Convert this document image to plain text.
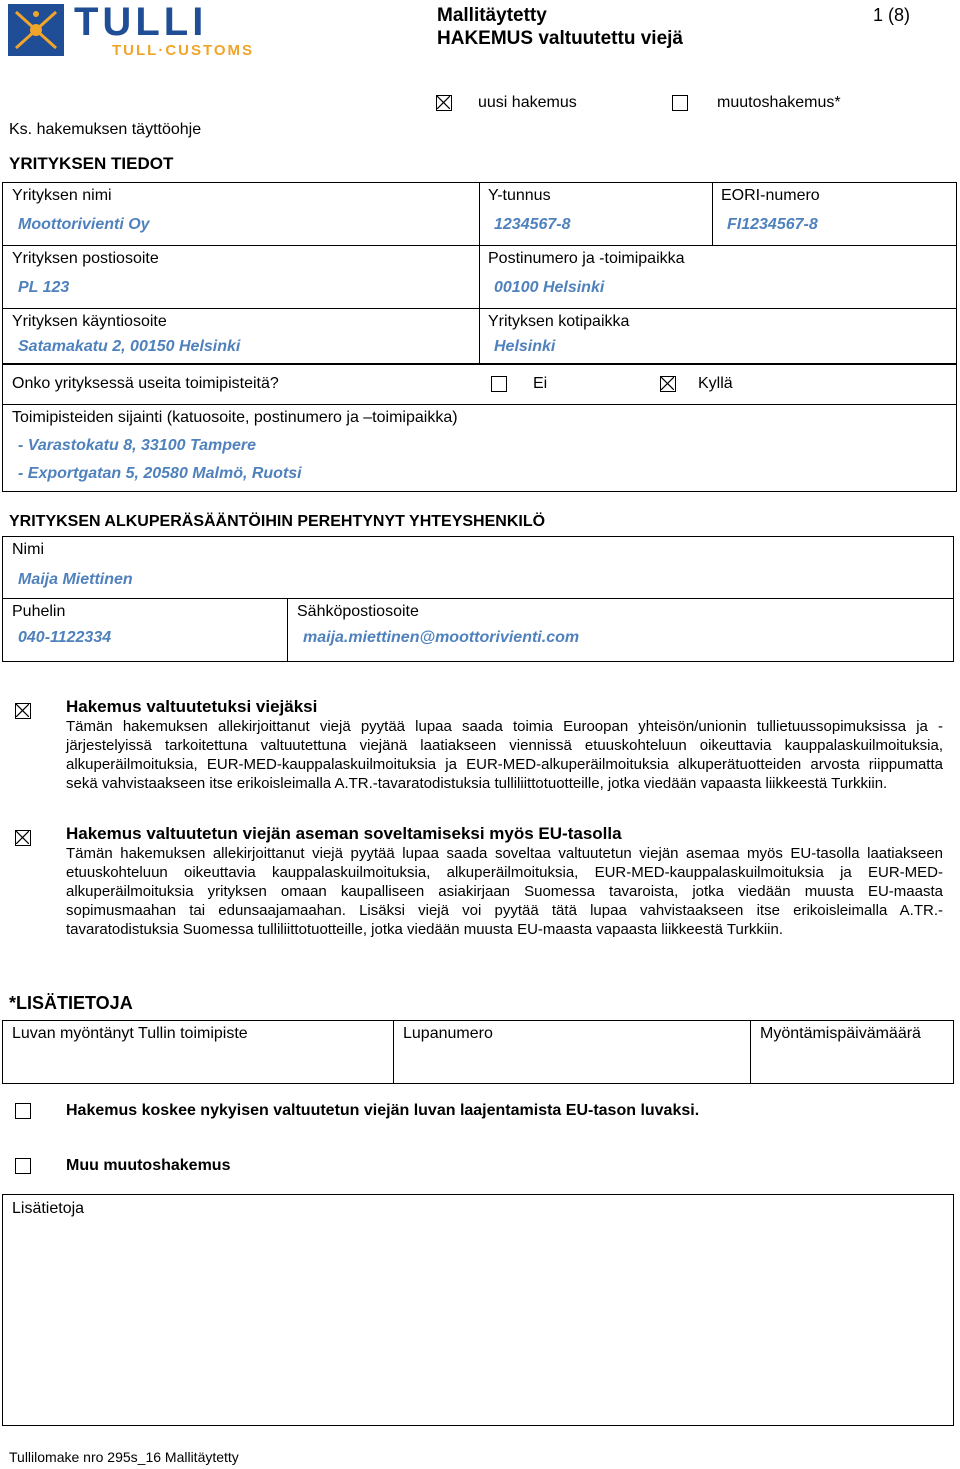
TULLI
TULL·CUSTOMS
Mallitäytetty
HAKEMUS valtuutettu viejä
1 (8)
uusi hakemus	muutoshakemus*
Ks. hakemuksen täyttöohje
YRITYKSEN TIEDOT
Yrityksen nimi
Moottorivienti Oy
Y-tunnus
1234567-8
EORI-numero
FI1234567-8
Yrityksen postiosoite
PL 123
Postinumero ja -toimipaikka
00100 Helsinki
Yrityksen käyntiosoite
Satamakatu 2, 00150 Helsinki
Yrityksen kotipaikka
Helsinki
Onko yrityksessä useita toimipisteitä?	Ei	Kyllä
Toimipisteiden sijainti (katuosoite, postinumero ja –toimipaikka)
- Varastokatu 8, 33100 Tampere
- Exportgatan 5, 20580 Malmö, Ruotsi
YRITYKSEN ALKUPERÄSÄÄNTÖIHIN PEREHTYNYT YHTEYSHENKILÖ
Nimi
Maija Miettinen
Puhelin
040-1122334
Sähköpostiosoite
maija.miettinen@moottorivienti.com
Hakemus valtuutetuksi viejäksi
Tämän hakemuksen allekirjoittanut viejä pyytää lupaa saada toimia Euroopan yhteisön/unionin tullietuussopimuksissa ja -järjestelyissä tarkoitettuna valtuutettuna viejänä laatiakseen viennissä etuuskohteluun oikeuttavia kauppalaskuilmoituksia, alkuperäilmoituksia, EUR-MED-kauppalaskuilmoituksia ja EUR-MED-alkuperäilmoituksia alkuperätuotteiden arvosta riippumatta sekä vahvistaakseen itse erikoisleimalla A.TR.-tavaratodistuksia tulliliittotuotteille, jotka viedään vapaasta liikkeestä Turkkiin.
Hakemus valtuutetun viejän aseman soveltamiseksi myös EU-tasolla
Tämän hakemuksen allekirjoittanut viejä pyytää lupaa saada soveltaa valtuutetun viejän asemaa myös EU-tasolla laatiakseen etuuskohteluun oikeuttavia kauppalaskuilmoituksia, alkuperäilmoituksia, EUR-MED-kauppalaskuilmoituksia ja EUR-MED-alkuperäilmoituksia yrityksen omaan kaupalliseen asiakirjaan Suomessa tavaroista, jotka viedään muusta EU-maasta sopimusmaahan tai edunsaajamaahan. Lisäksi viejä voi pyytää tätä lupaa vahvistaakseen itse erikoisleimalla A.TR.-tavaratodistuksia Suomessa tulliliittotuotteille, jotka viedään muusta EU-maasta vapaasta liikkeestä Turkkiin.
*LISÄTIETOJA
Luvan myöntänyt Tullin toimipiste	Lupanumero	Myöntämispäivämäärä
Hakemus koskee nykyisen valtuutetun viejän luvan laajentamista EU-tason luvaksi.
Muu muutoshakemus
Lisätietoja
Tullilomake nro 295s_16 Mallitäytetty
